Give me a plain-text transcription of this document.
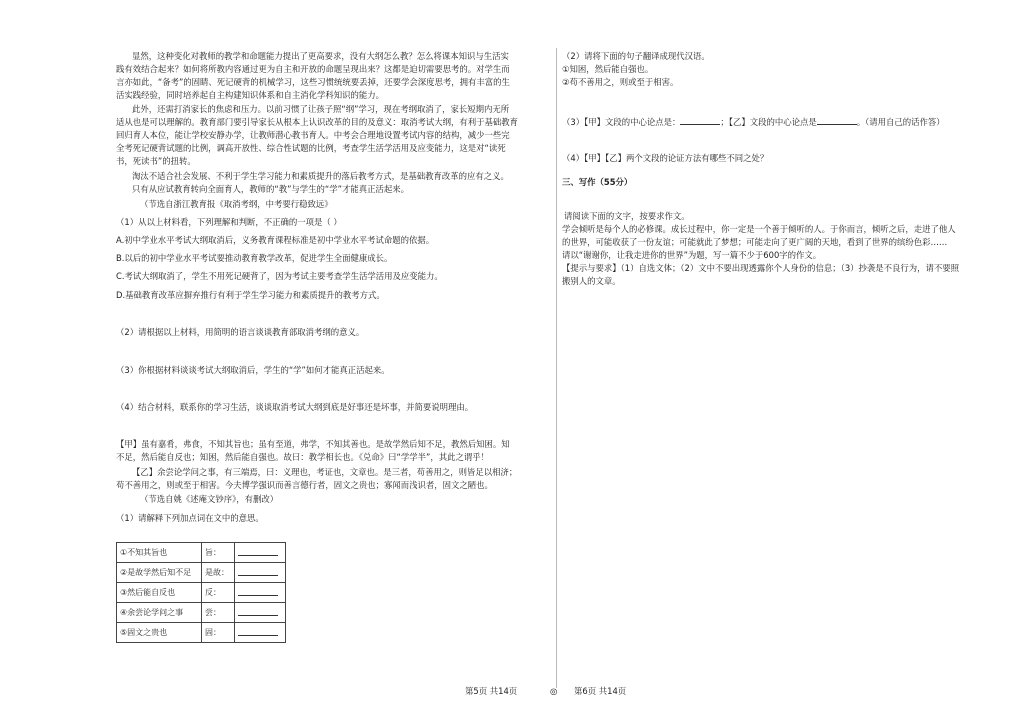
显然，这种变化对教师的教学和命题能力提出了更高要求，没有大纲怎么教？怎么将课本知识与生活实
践有效结合起来？如何将所教内容通过更为自主和开放的命题呈现出来？这都是迫切需要思考的。对学生而
言亦如此，“备考”的固睛、死记硬背的机械学习，这些习惯统统要丢掉，还要学会深度思考，拥有丰富的生
活实践经验，同时培养起自主构建知识体系和自主消化学科知识的能力。
此外，还需打消家长的焦虑和压力。以前习惯了让孩子照“纲”学习，现在考纲取消了，家长短期内无所
适从也是可以理解的。教育部门要引导家长从根本上认识改革的目的及意义：取消考试大纲，有利于基础教育
回归育人本位，能让学校安静办学，让教师潜心教书育人。中考会合理地设置考试内容的结构，减少一些完
全考死记硬背试题的比例，调高开放性、综合性试题的比例，考查学生活学活用及应变能力，这是对“读死
书，死读书”的扭转。
淘汰不适合社会发展、不利于学生学习能力和素质提升的落后教考方式，是基础教育改革的应有之义。
只有从应试教育转向全面育人，教师的“教”与学生的“学”才能真正活起来。
（节选自浙江教育报《取消考纲，中考要行稳致远》
（1）从以上材料看，下列理解和判断，不正确的一项是（ ）
A.初中学业水平考试大纲取消后，义务教育课程标准是初中学业水平考试命题的依据。
B.以后的初中学业水平考试要推动教育教学改革，促进学生全面健康成长。
C.考试大纲取消了，学生不用死记硬背了，因为考试主要考查学生活学活用及应变能力。
D.基础教育改革应摒弃推行有利于学生学习能力和素质提升的教考方式。
（2）请根据以上材料，用简明的语言谈谈教育部取消考纲的意义。
（3）你根据材料谈谈考试大纲取消后，学生的“学”如何才能真正活起来。
（4）结合材料，联系你的学习生活，谈谈取消考试大纲到底是好事还是坏事，并简要说明理由。
【甲】虽有嘉肴，弗食，不知其旨也；虽有至道，弗学，不知其善也。是故学然后知不足，教然后知困。知
不足，然后能自反也；知困，然后能自强也。故曰：教学相长也。《兑命》曰“学学半”，其此之谓乎！
【乙】余尝论学问之事，有三端焉，曰：义理也，考证也，文章也。是三者，苟善用之，则皆足以相济；
苟不善用之，则或至于相害。今夫博学强识而善言德行者，固文之贵也；寡闻而浅识者，固文之陋也。
（节选自姚《述庵文钞序》，有删改）
（1）请解释下列加点词在文中的意思。
①不知其旨也	旨：	
②是故学然后知不足	是故：	
③然后能自反也	反：	
④余尝论学问之事	尝：	
⑤固文之贵也	固：	
（2）请将下面的句子翻译成现代汉语。
①知困，然后能自强也。
②苟不善用之，则或至于相害。
（3）【甲】文段的中心论点是：	；【乙】文段的中心论点是	。（请用自己的话作答）
（4）【甲】【乙】两个文段的论证方法有哪些不同之处？
三、写作（55分）
请阅读下面的文字，按要求作文。
学会倾听是每个人的必修课。成长过程中，你一定是一个善于倾听的人。于你而言，倾听之后，走进了他人
的世界，可能收获了一份友谊；可能就此了梦想；可能走向了更广阔的天地，看到了世界的缤纷色彩……
请以“谢谢你，让我走进你的世界”为题，写一篇不少于600字的作文。
【提示与要求】（1）自选文体；（2）文中不要出现透露你个人身份的信息；（3）抄袭是不良行为，请不要照
搬别人的文章。
第5页 共14页	◎ 第6页 共14页
